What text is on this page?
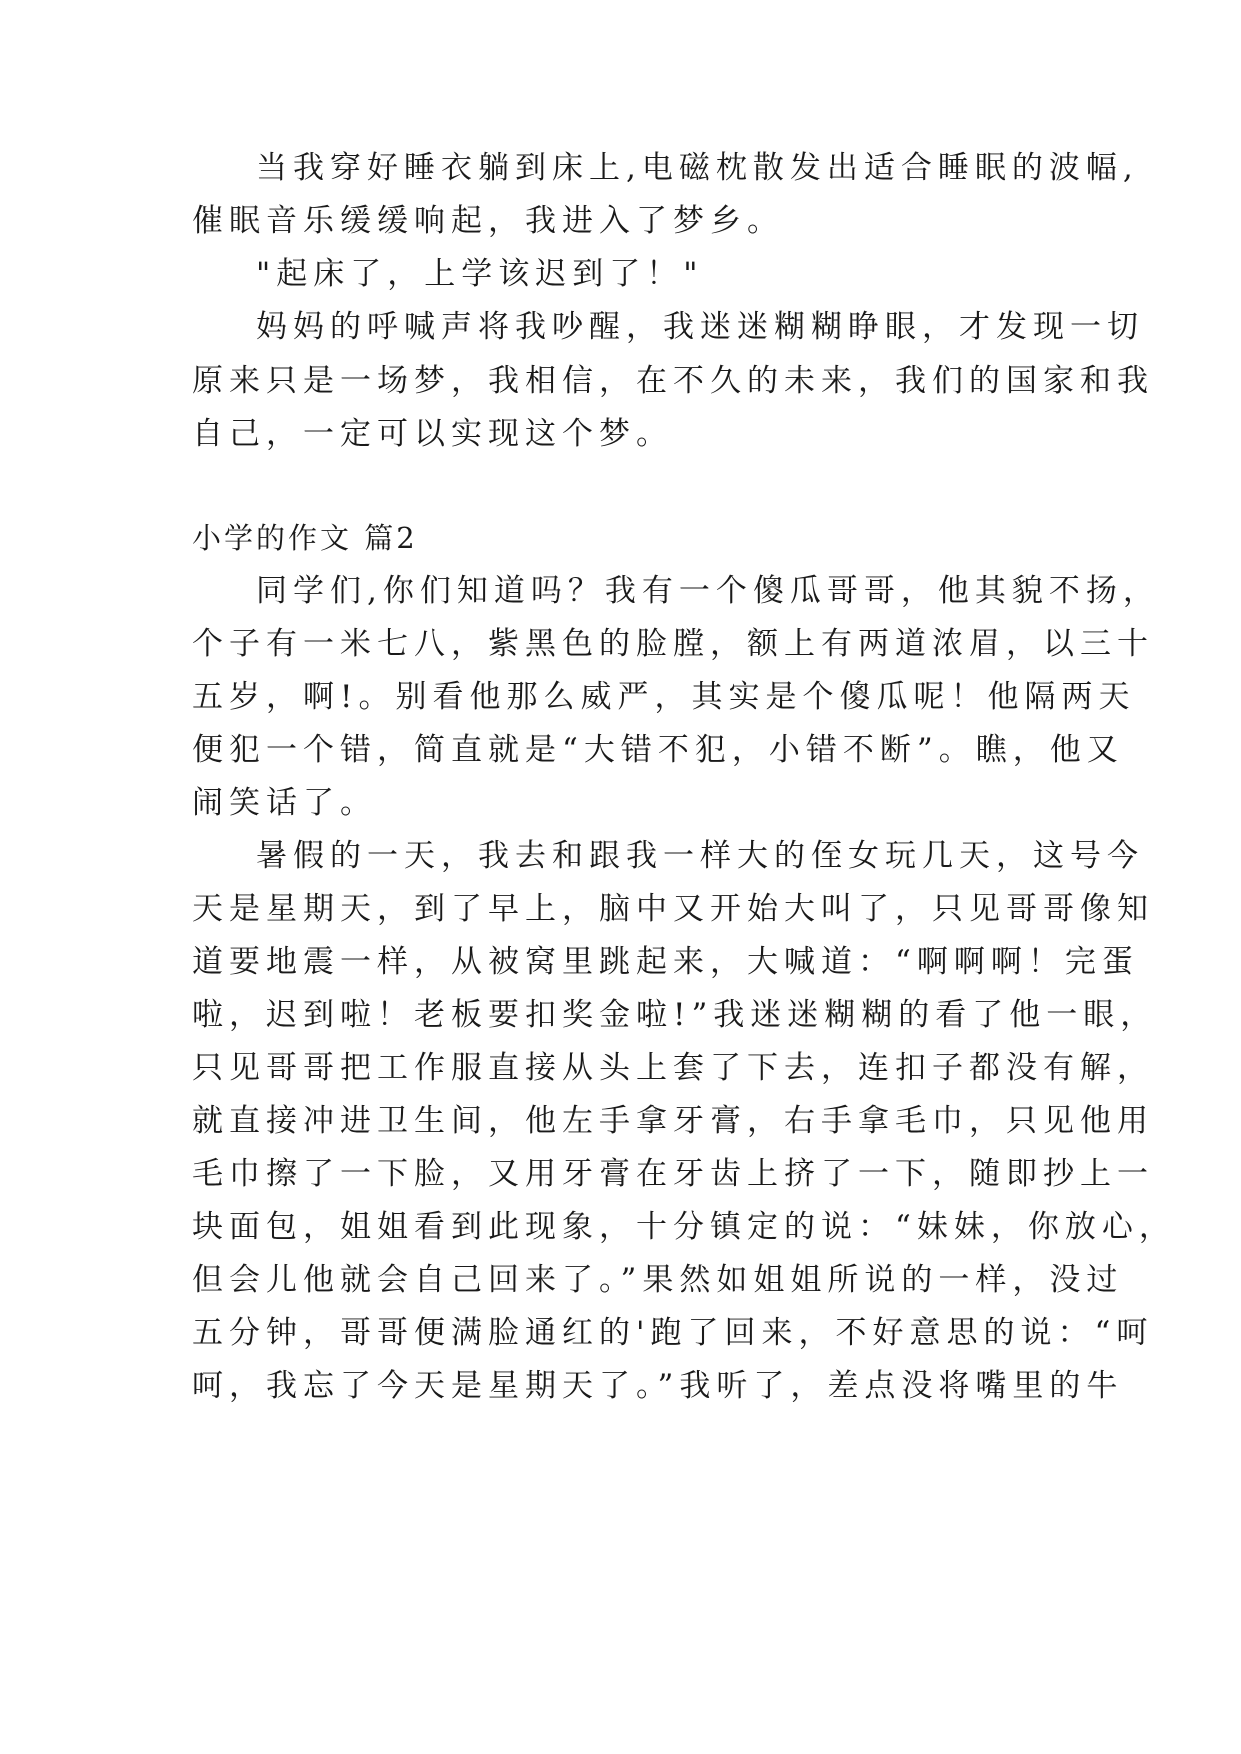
当我穿好睡衣躺到床上,电磁枕散发出适合睡眠的波幅,
催眠音乐缓缓响起，我进入了梦乡。
"起床了，上学该迟到了！"
妈妈的呼喊声将我吵醒，我迷迷糊糊睁眼，才发现一切
原来只是一场梦，我相信，在不久的未来，我们的国家和我
自己，一定可以实现这个梦。
小学的作文 篇2
同学们,你们知道吗？我有一个傻瓜哥哥，他其貌不扬，
个子有一米七八，紫黑色的脸膛，额上有两道浓眉，以三十
五岁，啊!。别看他那么威严，其实是个傻瓜呢！他隔两天
便犯一个错，简直就是“大错不犯，小错不断”。瞧，他又
闹笑话了。
暑假的一天，我去和跟我一样大的侄女玩几天，这号今
天是星期天，到了早上，脑中又开始大叫了，只见哥哥像知
道要地震一样，从被窝里跳起来，大喊道：“啊啊啊！完蛋
啦，迟到啦！老板要扣奖金啦!”我迷迷糊糊的看了他一眼，
只见哥哥把工作服直接从头上套了下去，连扣子都没有解，
就直接冲进卫生间，他左手拿牙膏，右手拿毛巾，只见他用
毛巾擦了一下脸，又用牙膏在牙齿上挤了一下，随即抄上一
块面包，姐姐看到此现象，十分镇定的说：“妹妹，你放心，
但会儿他就会自己回来了。”果然如姐姐所说的一样，没过
五分钟，哥哥便满脸通红的'跑了回来，不好意思的说：“呵
呵，我忘了今天是星期天了。”我听了，差点没将嘴里的牛
